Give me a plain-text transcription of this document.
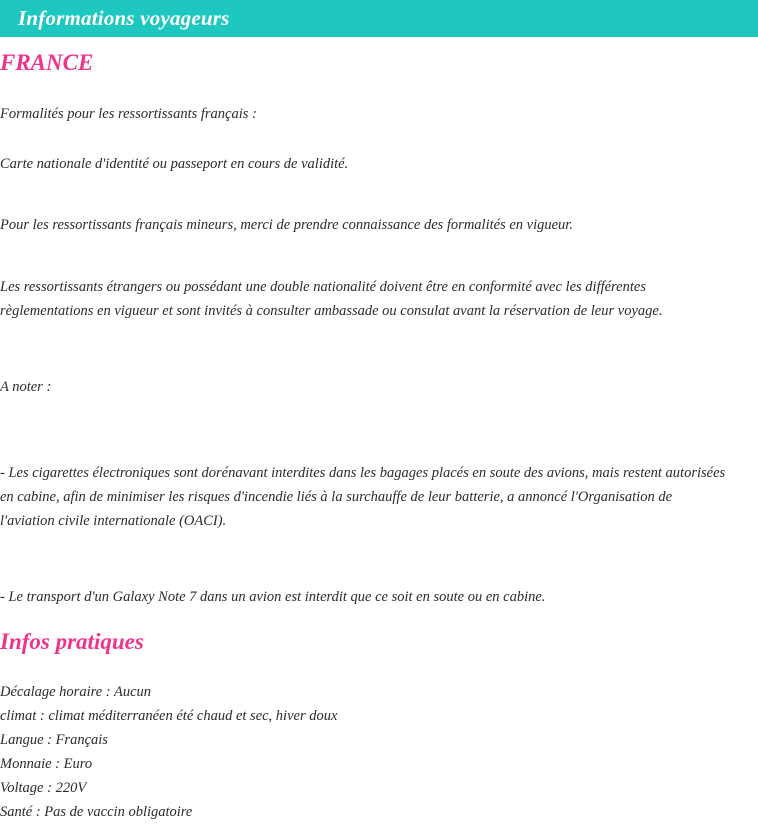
Informations voyageurs
FRANCE

Formalités pour les ressortissants français :

Carte nationale d'identité ou passeport en cours de validité.

Pour les ressortissants français mineurs, merci de prendre connaissance des formalités en vigueur.

Les ressortissants étrangers ou possédant une double nationalité doivent être en conformité avec les différentes règlementations en vigueur et sont invités à consulter ambassade ou consulat avant la réservation de leur voyage.

A noter :

- Les cigarettes électroniques sont dorénavant interdites dans les bagages placés en soute des avions, mais restent autorisées en cabine, afin de minimiser les risques d'incendie liés à la surchauffe de leur batterie, a annoncé l'Organisation de l'aviation civile internationale (OACI).

- Le transport d'un Galaxy Note 7 dans un avion est interdit que ce soit en soute ou en cabine.

Infos pratiques
Décalage horaire : Aucun
climat : climat méditerranéen été chaud et sec, hiver doux
Langue : Français
Monnaie : Euro
Voltage : 220V
Santé : Pas de vaccin obligatoire
